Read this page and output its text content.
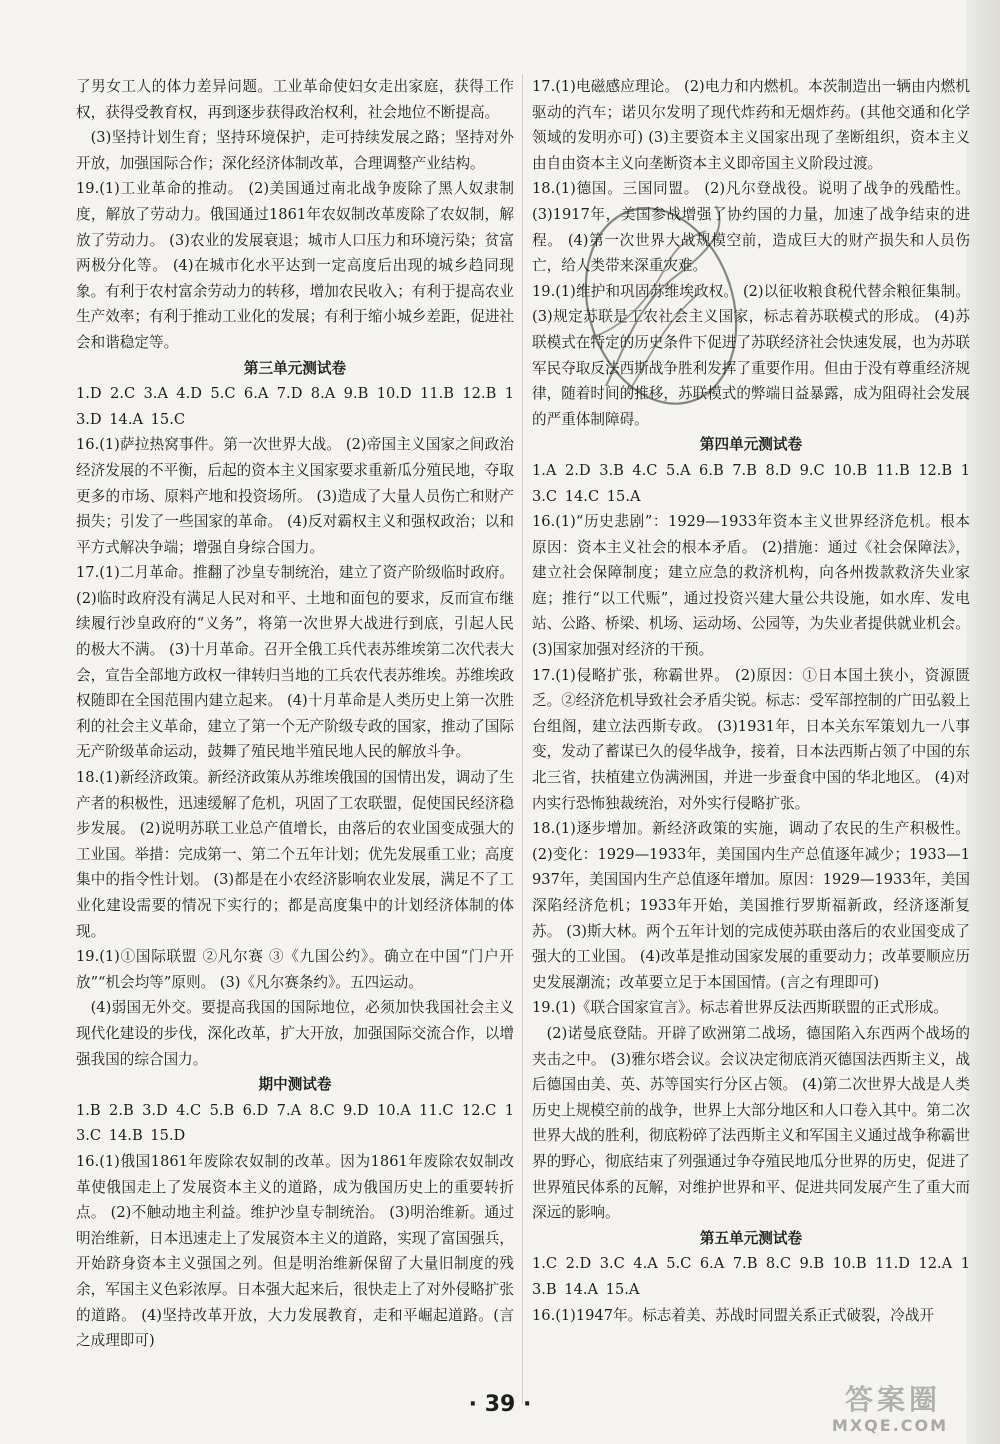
了男女工人的体力差异问题。工业革命使妇女走出家庭，获得工作权，获得受教育权，再到逐步获得政治权利，社会地位不断提高。

(3)坚持计划生育；坚持环境保护，走可持续发展之路；坚持对外开放，加强国际合作；深化经济体制改革，合理调整产业结构。

19.(1)工业革命的推动。 (2)美国通过南北战争废除了黑人奴隶制度，解放了劳动力。俄国通过1861年农奴制改革废除了农奴制，解放了劳动力。 (3)农业的发展衰退；城市人口压力和环境污染；贫富两极分化等。 (4)在城市化水平达到一定高度后出现的城乡趋同现象。有利于农村富余劳动力的转移，增加农民收入；有利于提高农业生产效率；有利于推动工业化的发展；有利于缩小城乡差距，促进社会和谐稳定等。

第三单元测试卷

1.D 2.C 3.A 4.D 5.C 6.A 7.D 8.A 9.B 10.D 11.B 12.B 13.D 14.A 15.C

16.(1)萨拉热窝事件。第一次世界大战。 (2)帝国主义国家之间政治经济发展的不平衡，后起的资本主义国家要求重新瓜分殖民地，夺取更多的市场、原料产地和投资场所。 (3)造成了大量人员伤亡和财产损失；引发了一些国家的革命。 (4)反对霸权主义和强权政治；以和平方式解决争端；增强自身综合国力。

17.(1)二月革命。推翻了沙皇专制统治，建立了资产阶级临时政府。 (2)临时政府没有满足人民对和平、土地和面包的要求，反而宣布继续履行沙皇政府的“义务”，将第一次世界大战进行到底，引起人民的极大不满。 (3)十月革命。召开全俄工兵代表苏维埃第二次代表大会，宣告全部地方政权一律转归当地的工兵农代表苏维埃。苏维埃政权随即在全国范围内建立起来。 (4)十月革命是人类历史上第一次胜利的社会主义革命，建立了第一个无产阶级专政的国家，推动了国际无产阶级革命运动，鼓舞了殖民地半殖民地人民的解放斗争。

18.(1)新经济政策。新经济政策从苏维埃俄国的国情出发，调动了生产者的积极性，迅速缓解了危机，巩固了工农联盟，促使国民经济稳步发展。 (2)说明苏联工业总产值增长，由落后的农业国变成强大的工业国。举措：完成第一、第二个五年计划；优先发展重工业；高度集中的指令性计划。 (3)都是在小农经济影响农业发展，满足不了工业化建设需要的情况下实行的；都是高度集中的计划经济体制的体现。

19.(1)①国际联盟 ②凡尔赛 ③《九国公约》。确立在中国“门户开放”“机会均等”原则。 (3)《凡尔赛条约》。五四运动。

(4)弱国无外交。要提高我国的国际地位，必须加快我国社会主义现代化建设的步伐，深化改革，扩大开放，加强国际交流合作，以增强我国的综合国力。

期中测试卷

1.B 2.B 3.D 4.C 5.B 6.D 7.A 8.C 9.D 10.A 11.C 12.C 13.C 14.B 15.D

16.(1)俄国1861年废除农奴制的改革。因为1861年废除农奴制改革使俄国走上了发展资本主义的道路，成为俄国历史上的重要转折点。 (2)不触动地主利益。维护沙皇专制统治。 (3)明治维新。通过明治维新，日本迅速走上了发展资本主义的道路，实现了富国强兵，开始跻身资本主义强国之列。但是明治维新保留了大量旧制度的残余，军国主义色彩浓厚。日本强大起来后，很快走上了对外侵略扩张的道路。 (4)坚持改革开放，大力发展教育，走和平崛起道路。(言之成理即可)

17.(1)电磁感应理论。 (2)电力和内燃机。本茨制造出一辆由内燃机驱动的汽车；诺贝尔发明了现代炸药和无烟炸药。(其他交通和化学领域的发明亦可) (3)主要资本主义国家出现了垄断组织，资本主义由自由资本主义向垄断资本主义即帝国主义阶段过渡。

18.(1)德国。三国同盟。 (2)凡尔登战役。说明了战争的残酷性。 (3)1917年，美国参战增强了协约国的力量，加速了战争结束的进程。 (4)第一次世界大战规模空前，造成巨大的财产损失和人员伤亡，给人类带来深重灾难。

19.(1)维护和巩固苏维埃政权。 (2)以征收粮食税代替余粮征集制。 (3)规定苏联是工农社会主义国家，标志着苏联模式的形成。 (4)苏联模式在特定的历史条件下促进了苏联经济社会快速发展，也为苏联军民夺取反法西斯战争胜利发挥了重要作用。但由于没有尊重经济规律，随着时间的推移，苏联模式的弊端日益暴露，成为阻碍社会发展的严重体制障碍。

第四单元测试卷

1.A 2.D 3.B 4.C 5.A 6.B 7.B 8.D 9.C 10.B 11.B 12.B 13.C 14.C 15.A

16.(1)“历史悲剧”：1929—1933年资本主义世界经济危机。根本原因：资本主义社会的根本矛盾。 (2)措施：通过《社会保障法》，建立社会保障制度；建立应急的救济机构，向各州拨款救济失业家庭；推行“以工代赈”，通过投资兴建大量公共设施，如水库、发电站、公路、桥梁、机场、运动场、公园等，为失业者提供就业机会。 (3)国家加强对经济的干预。

17.(1)侵略扩张，称霸世界。 (2)原因：①日本国土狭小，资源匮乏。②经济危机导致社会矛盾尖锐。标志：受军部控制的广田弘毅上台组阁，建立法西斯专政。 (3)1931年，日本关东军策划九一八事变，发动了蓄谋已久的侵华战争，接着，日本法西斯占领了中国的东北三省，扶植建立伪满洲国，并进一步蚕食中国的华北地区。 (4)对内实行恐怖独裁统治，对外实行侵略扩张。

18.(1)逐步增加。新经济政策的实施，调动了农民的生产积极性。 (2)变化：1929—1933年，美国国内生产总值逐年减少；1933—1937年，美国国内生产总值逐年增加。原因：1929—1933年，美国深陷经济危机；1933年开始，美国推行罗斯福新政，经济逐渐复苏。 (3)斯大林。两个五年计划的完成使苏联由落后的农业国变成了强大的工业国。 (4)改革是推动国家发展的重要动力；改革要顺应历史发展潮流；改革要立足于本国国情。(言之有理即可)

19.(1)《联合国家宣言》。标志着世界反法西斯联盟的正式形成。

(2)诺曼底登陆。开辟了欧洲第二战场，德国陷入东西两个战场的夹击之中。 (3)雅尔塔会议。会议决定彻底消灭德国法西斯主义，战后德国由美、英、苏等国实行分区占领。 (4)第二次世界大战是人类历史上规模空前的战争，世界上大部分地区和人口卷入其中。第二次世界大战的胜利，彻底粉碎了法西斯主义和军国主义通过战争称霸世界的野心，彻底结束了列强通过争夺殖民地瓜分世界的历史，促进了世界殖民体系的瓦解，对维护世界和平、促进共同发展产生了重大而深远的影响。

第五单元测试卷

1.C 2.D 3.C 4.A 5.C 6.A 7.B 8.C 9.B 10.B 11.D 12.A 13.B 14.A 15.A

16.(1)1947年。标志着美、苏战时同盟关系正式破裂，冷战开

· 39 ·	答案圈
MXQE.COM
